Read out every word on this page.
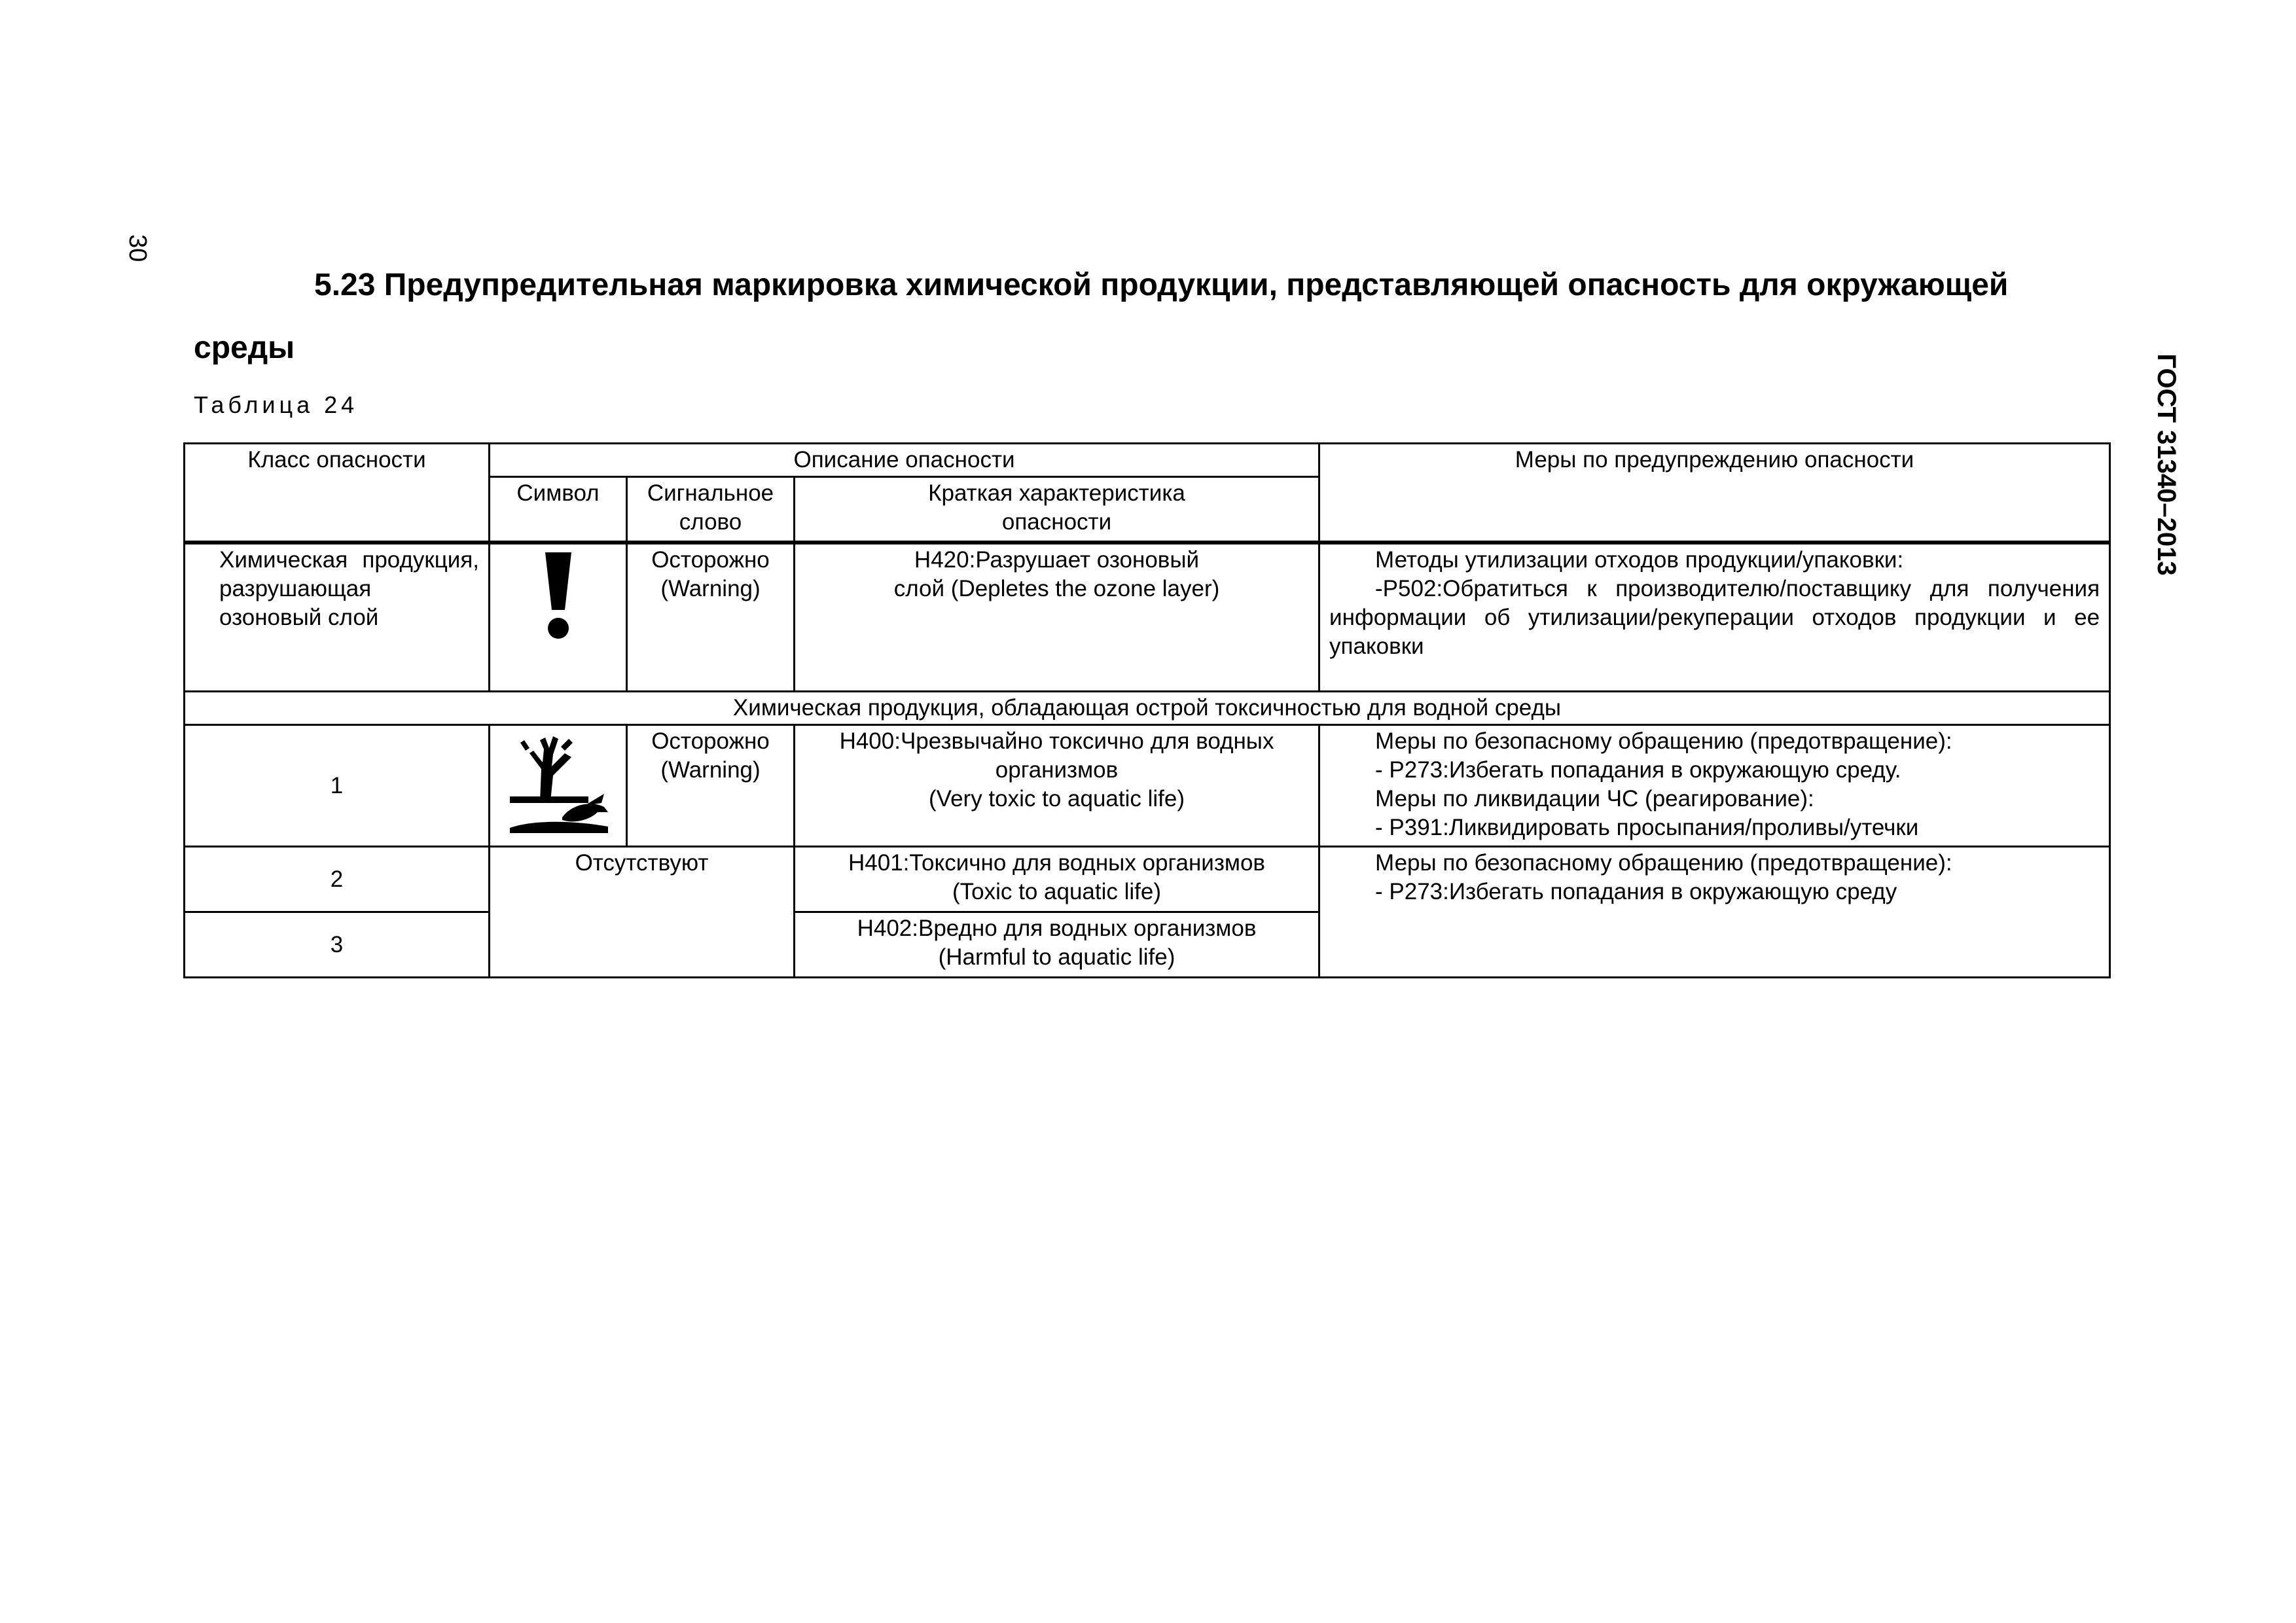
30
ГОСТ 31340–2013
5.23 Предупредительная маркировка химической продукции, представляющей опасность для окружающей среды
Таблица 24
Класс опасности	Описание опасности			Меры по предупреждению опасности
	Символ	Сигнальное слово	Краткая характеристика опасности	
Химическая продукция, разрушающая озоновый слой		Осторожно (Warning)	H420:Разрушает озоновый слой (Depletes the ozone layer)	Методы утилизации отходов продукции/упаковки:
-P502:Обратиться к производителю/поставщику для получения информации об утилизации/рекуперации отходов продукции и ее упаковки

Химическая продукция, обладающая острой токсичностью для водной среды				
1		Осторожно (Warning)	H400:Чрезвычайно токсично для водных организмов
(Very toxic to aquatic life)	Меры по безопасному обращению (предотвращение):
- P273:Избегать попадания в окружающую среду.
Меры по ликвидации ЧС (реагирование):
- P391:Ликвидировать просыпания/проливы/утечки

2	Отсутствуют		H401:Токсично для водных организмов
(Toxic to aquatic life)	Меры по безопасному обращению (предотвращение):
- P273:Избегать попадания в окружающую среду

3			H402:Вредно для водных организмов
(Harmful to aquatic life)	
